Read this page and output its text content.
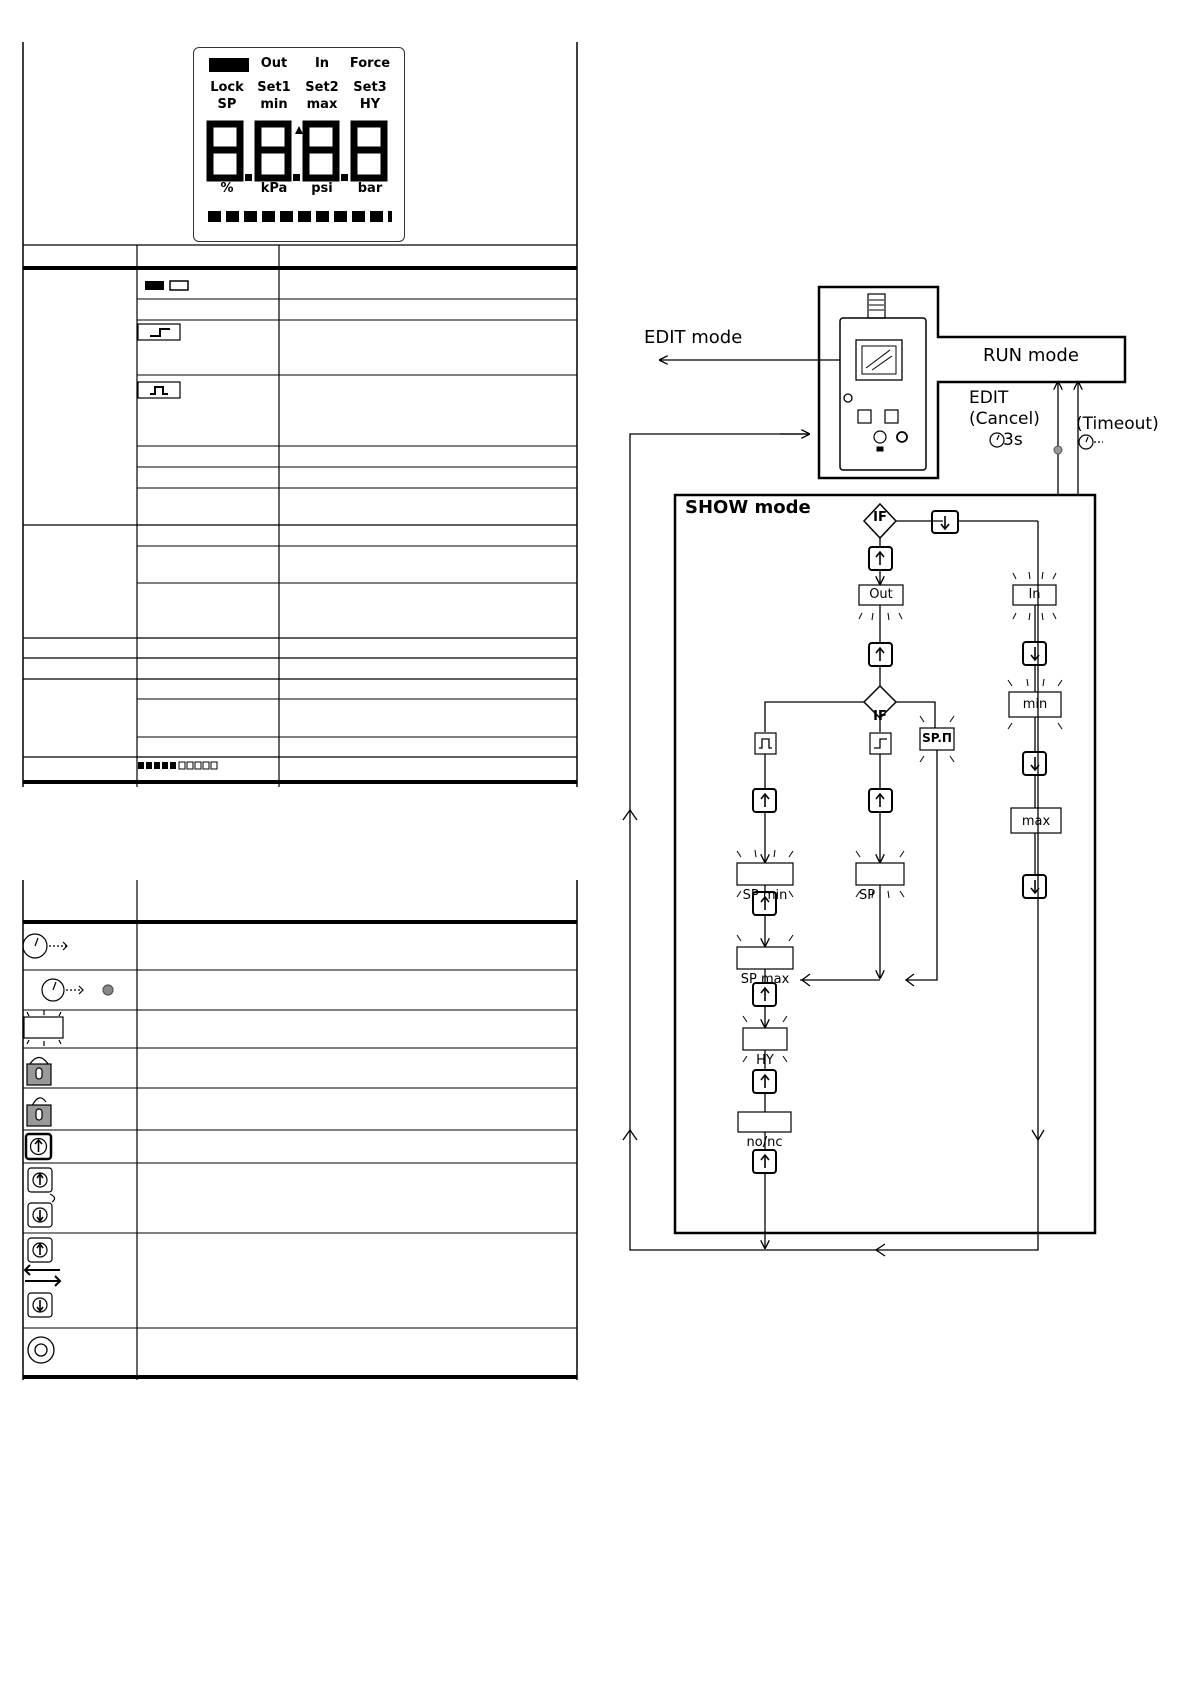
Out	In	Force
Lock	Set1	Set2	Set3
SP	min	max	HY
%	kPa	psi	bar
EDIT mode
RUN mode
SHOW mode
EDIT
(Cancel)
3s
(Timeout)
IF
IF
Out	In
min
max
SP min	SP
SP max
HY
no/nc
SP.Π
